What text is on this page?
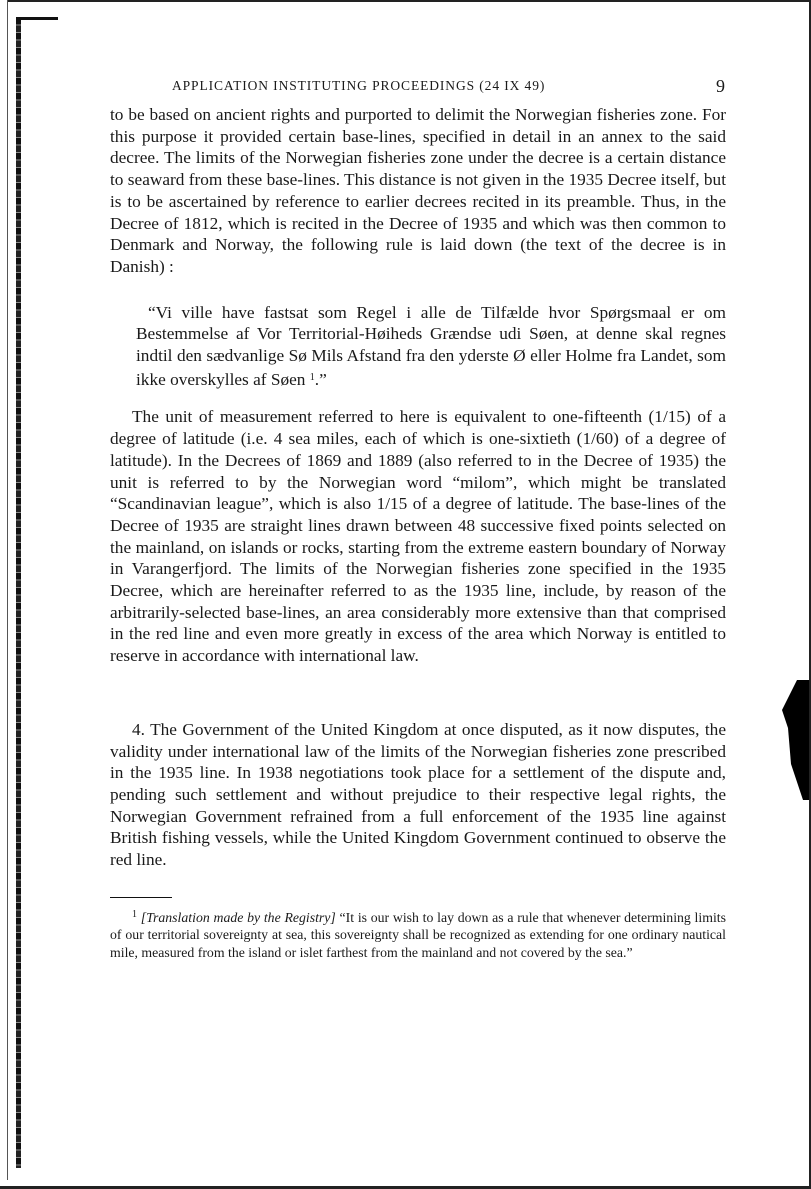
APPLICATION INSTITUTING PROCEEDINGS (24 IX 49)	9

to be based on ancient rights and purported to delimit the Norwegian fisheries zone. For this purpose it provided certain base-lines, specified in detail in an annex to the said decree. The limits of the Norwegian fisheries zone under the decree is a certain distance to seaward from these base-lines. This distance is not given in the 1935 Decree itself, but is to be ascertained by reference to earlier decrees recited in its preamble. Thus, in the Decree of 1812, which is recited in the Decree of 1935 and which was then common to Denmark and Norway, the following rule is laid down (the text of the decree is in Danish) :

“Vi ville have fastsat som Regel i alle de Tilfælde hvor Spørgsmaal er om Bestemmelse af Vor Territorial-Høiheds Grændse udi Søen, at denne skal regnes indtil den sædvanlige Sø Mils Afstand fra den yderste Ø eller Holme fra Landet, som ikke overskylles af Søen $^1$.”

The unit of measurement referred to here is equivalent to one-fifteenth (1/15) of a degree of latitude (i.e. 4 sea miles, each of which is one-sixtieth (1/60) of a degree of latitude). In the Decrees of 1869 and 1889 (also referred to in the Decree of 1935) the unit is referred to by the Norwegian word “milom”, which might be translated “Scandinavian league”, which is also 1/15 of a degree of latitude. The base-lines of the Decree of 1935 are straight lines drawn between 48 successive fixed points selected on the mainland, on islands or rocks, starting from the extreme eastern boundary of Norway in Varangerfjord. The limits of the Norwegian fisheries zone specified in the 1935 Decree, which are hereinafter referred to as the 1935 line, include, by reason of the arbitrarily-selected base-lines, an area considerably more extensive than that comprised in the red line and even more greatly in excess of the area which Norway is entitled to reserve in accordance with international law.

4. The Government of the United Kingdom at once disputed, as it now disputes, the validity under international law of the limits of the Norwegian fisheries zone prescribed in the 1935 line. In 1938 negotiations took place for a settlement of the dispute and, pending such settlement and without prejudice to their respective legal rights, the Norwegian Government refrained from a full enforcement of the 1935 line against British fishing vessels, while the United Kingdom Government continued to observe the red line.

$^1$ [Translation made by the Registry] “It is our wish to lay down as a rule that whenever determining limits of our territorial sovereignty at sea, this sovereignty shall be recognized as extending for one ordinary nautical mile, measured from the island or islet farthest from the mainland and not covered by the sea.”
